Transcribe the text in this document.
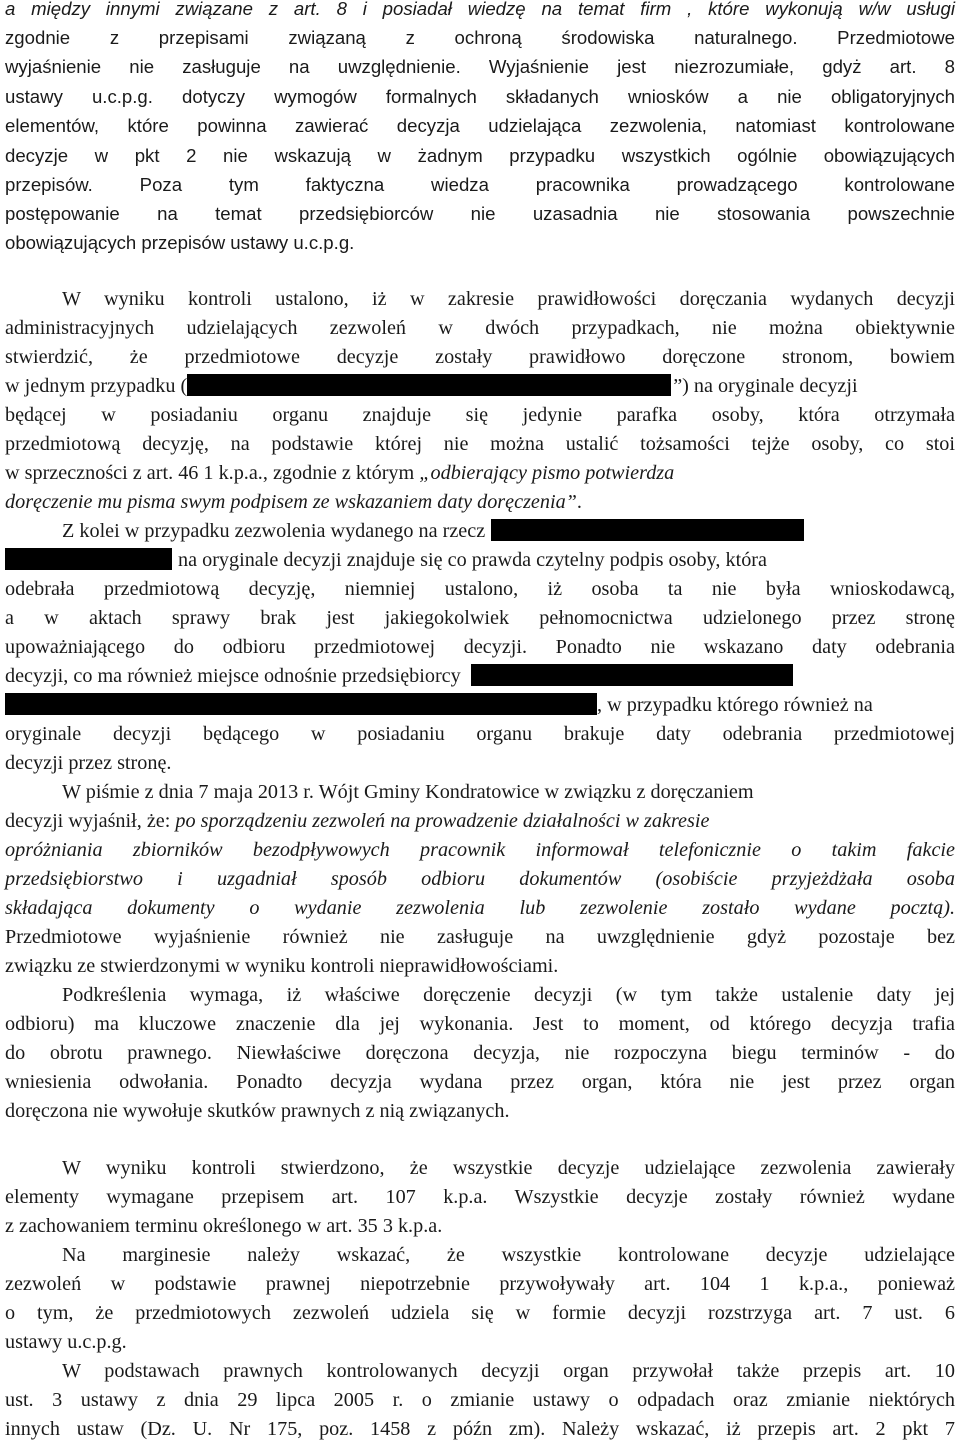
a między innymi związane z art. 8 i posiadał wiedzę na temat firm , które wykonują w/w usługi
zgodnie z przepisami związaną z ochroną środowiska naturalnego. Przedmiotowe
wyjaśnienie nie zasługuje na uwzględnienie. Wyjaśnienie jest niezrozumiałe, gdyż art. 8
ustawy u.c.p.g. dotyczy wymogów formalnych składanych wniosków a nie obligatoryjnych
elementów, które powinna zawierać decyzja udzielająca zezwolenia, natomiast kontrolowane
decyzje w pkt 2 nie wskazują w żadnym przypadku wszystkich ogólnie obowiązujących
przepisów. Poza tym faktyczna wiedza pracownika prowadzącego kontrolowane
postępowanie na temat przedsiębiorców nie uzasadnia nie stosowania powszechnie
obowiązujących przepisów ustawy u.c.p.g.
W wyniku kontroli ustalono, iż w zakresie prawidłowości doręczania wydanych decyzji
administracyjnych udzielających zezwoleń w dwóch przypadkach, nie można obiektywnie
stwierdzić, że przedmiotowe decyzje zostały prawidłowo doręczone stronom, bowiem
w jednym przypadku (	”) na oryginale decyzji
będącej w posiadaniu organu znajduje się jedynie parafka osoby, która otrzymała
przedmiotową decyzję, na podstawie której nie można ustalić tożsamości tejże osoby, co stoi
w sprzeczności z art. 46 1 k.p.a., zgodnie z którym „odbierający pismo potwierdza
doręczenie mu pisma swym podpisem ze wskazaniem daty doręczenia”.
Z kolei w przypadku zezwolenia wydanego na rzecz
na oryginale decyzji znajduje się co prawda czytelny podpis osoby, która
odebrała przedmiotową decyzję, niemniej ustalono, iż osoba ta nie była wnioskodawcą,
a w aktach sprawy brak jest jakiegokolwiek pełnomocnictwa udzielonego przez stronę
upoważniającego do odbioru przedmiotowej decyzji. Ponadto nie wskazano daty odebrania
decyzji, co ma również miejsce odnośnie przedsiębiorcy
, w przypadku którego również na
oryginale decyzji będącego w posiadaniu organu brakuje daty odebrania przedmiotowej
decyzji przez stronę.
W piśmie z dnia 7 maja 2013 r. Wójt Gminy Kondratowice w związku z doręczaniem
decyzji wyjaśnił, że: po sporządzeniu zezwoleń na prowadzenie działalności w zakresie
opróżniania zbiorników bezodpływowych pracownik informował telefonicznie o takim fakcie
przedsiębiorstwo i uzgadniał sposób odbioru dokumentów (osobiście przyjeżdżała osoba
składająca dokumenty o wydanie zezwolenia lub zezwolenie zostało wydane pocztą).
Przedmiotowe wyjaśnienie również nie zasługuje na uwzględnienie gdyż pozostaje bez
związku ze stwierdzonymi w wyniku kontroli nieprawidłowościami.
Podkreślenia wymaga, iż właściwe doręczenie decyzji (w tym także ustalenie daty jej
odbioru) ma kluczowe znaczenie dla jej wykonania. Jest to moment, od którego decyzja trafia
do obrotu prawnego. Niewłaściwe doręczona decyzja, nie rozpoczyna biegu terminów - do
wniesienia odwołania. Ponadto decyzja wydana przez organ, która nie jest przez organ
doręczona nie wywołuje skutków prawnych z nią związanych.
W wyniku kontroli stwierdzono, że wszystkie decyzje udzielające zezwolenia zawierały
elementy wymagane przepisem art. 107 k.p.a. Wszystkie decyzje zostały również wydane
z zachowaniem terminu określonego w art. 35 3 k.p.a.
Na marginesie należy wskazać, że wszystkie kontrolowane decyzje udzielające
zezwoleń w podstawie prawnej niepotrzebnie przywoływały art. 104 1 k.p.a., ponieważ
o tym, że przedmiotowych zezwoleń udziela się w formie decyzji rozstrzyga art. 7 ust. 6
ustawy u.c.p.g.
W podstawach prawnych kontrolowanych decyzji organ przywołał także przepis art. 10
ust. 3 ustawy z dnia 29 lipca 2005 r. o zmianie ustawy o odpadach oraz zmianie niektórych
innych ustaw (Dz. U. Nr 175, poz. 1458 z późn zm). Należy wskazać, iż przepis art. 2 pkt 7
